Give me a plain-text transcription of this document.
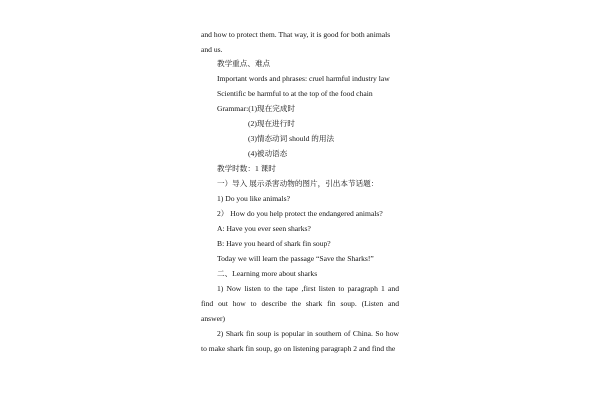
and how to protect them. That way, it is good for both animals
and us.
教学重点、难点
Important words and phrases: cruel harmful industry law
Scientific be harmful to at the top of the food chain
Grammar:(1)现在完成时
(2)现在进行时
(3)情态动词 should 的用法
(4)被动语态
教学时数：1 课时
一）导入 展示杀害动物的图片，引出本节话题：
1) Do you like animals?
2） How do you help protect the endangered animals?
A: Have you ever seen sharks?
B: Have you heard of shark fin soup?
Today we will learn the passage “Save the Sharks!”
二、Learning more about sharks
1) Now listen to the tape ,first listen to paragraph 1 and
find out how to describe the shark fin soup. (Listen and
answer)
2) Shark fin soup is popular in southern of China. So how
to make shark fin soup, go on listening paragraph 2 and find the
